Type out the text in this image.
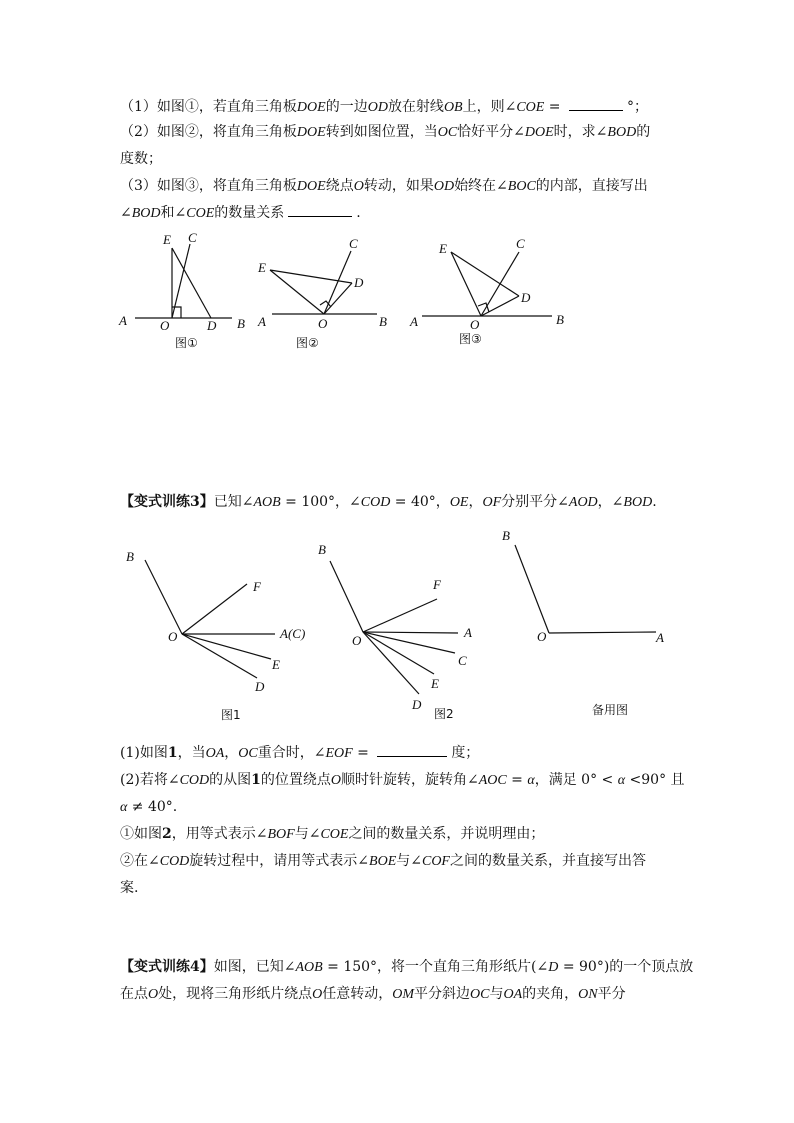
（1）如图①，若直角三角板DOE的一边OD放在射线OB上，则∠COE =	°；
（2）如图②，将直角三角板DOE转到如图位置，当OC恰好平分∠DOE时，求∠BOD的
度数；
（3）如图③，将直角三角板DOE绕点O转动，如果OD始终在∠BOC的内部，直接写出
∠BOD和∠COE的数量关系	.
A	B
O	D
E C
图①
A	B
O
E
D
C
图②
A	B
O
E
D
C
图③
【变式训练3】已知∠AOB = 100°，∠COD = 40°，OE，OF分别平分∠AOD，∠BOD.
B
F
A(C)
O
E
D
图1
B
F
A
O
C
E
D
图2
B
O	A
备用图
(1)如图1，当OA，OC重合时，∠EOF =	度；
(2)若将∠COD的从图1的位置绕点O顺时针旋转，旋转角∠AOC = α，满足 0° < α <90° 且
α ≠ 40°.
①如图2，用等式表示∠BOF与∠COE之间的数量关系，并说明理由；
②在∠COD旋转过程中，请用等式表示∠BOE与∠COF之间的数量关系，并直接写出答
案.
【变式训练4】如图，已知∠AOB = 150°，将一个直角三角形纸片(∠D = 90°)的一个顶点放
在点O处，现将三角形纸片绕点O任意转动，OM平分斜边OC与OA的夹角，ON平分
